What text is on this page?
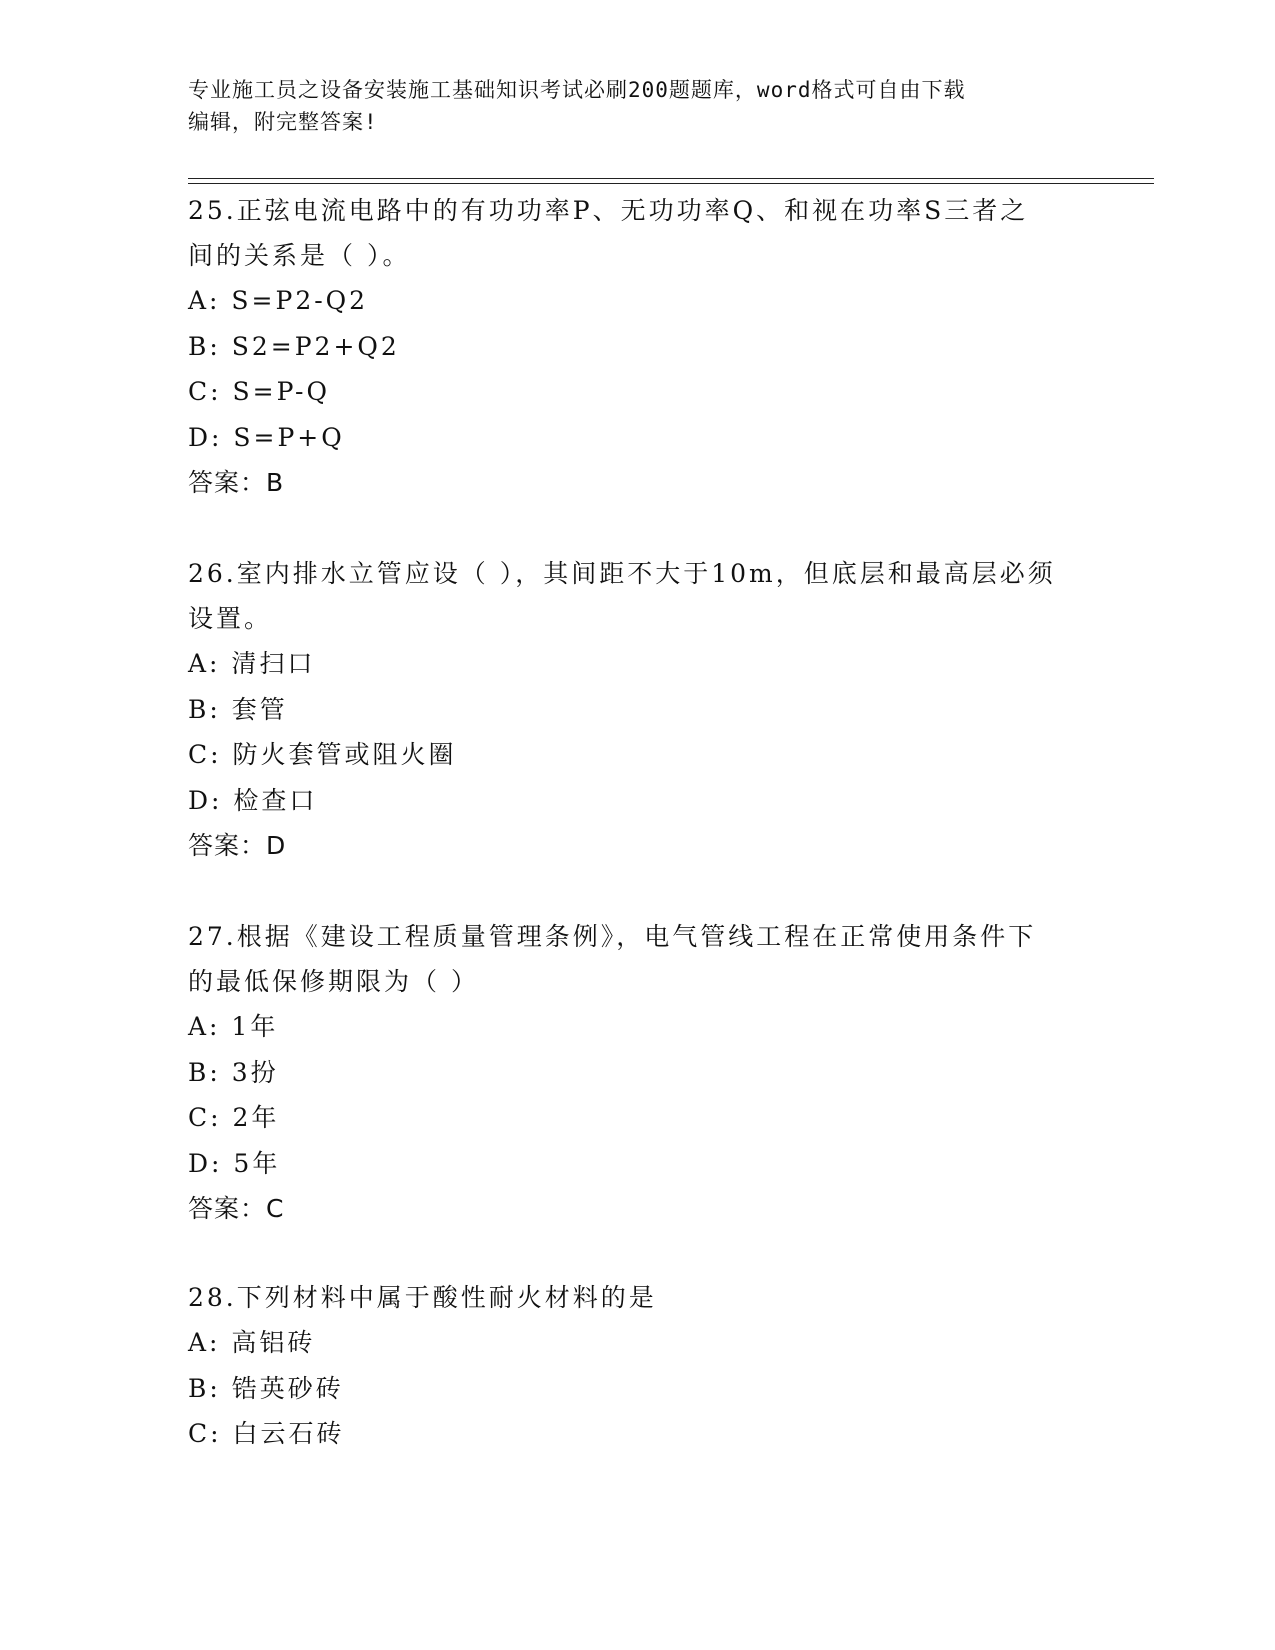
专业施工员之设备安装施工基础知识考试必刷200题题库，word格式可自由下载
编辑，附完整答案!

25.正弦电流电路中的有功功率P、无功功率Q、和视在功率S三者之

间的关系是（ ）。

A: S=P2-Q2

B: S2=P2+Q2

C: S=P-Q

D: S=P+Q

答案：B

26.室内排水立管应设（ ），其间距不大于10m，但底层和最高层必须

设置。

A: 清扫口

B: 套管

C: 防火套管或阻火圈

D: 检查口

答案：D

27.根据《建设工程质量管理条例》，电气管线工程在正常使用条件下

的最低保修期限为（ ）

A: 1年

B: 3扮

C: 2年

D: 5年

答案：C

28.下列材料中属于酸性耐火材料的是

A: 高铝砖

B: 锆英砂砖

C: 白云石砖
